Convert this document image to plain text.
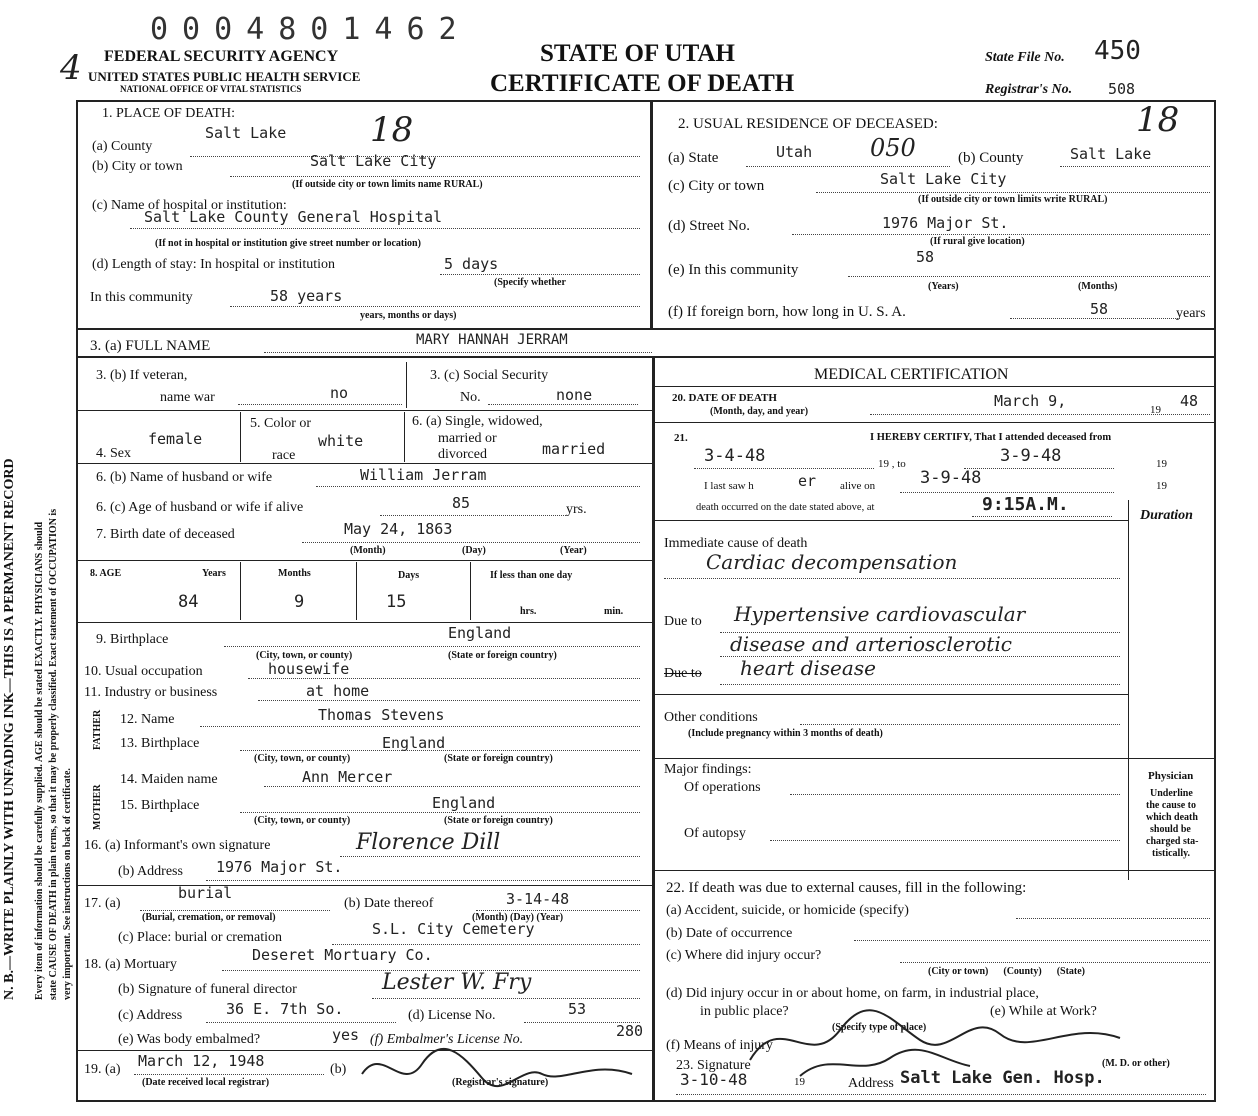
0004801462
4 FEDERAL SECURITY AGENCY
UNITED STATES PUBLIC HEALTH SERVICE
NATIONAL OFFICE OF VITAL STATISTICS
STATE OF UTAH
CERTIFICATE OF DEATH
State File No. 450
Registrar's No. 508
N. B.—WRITE PLAINLY WITH UNFADING INK—THIS IS A PERMANENT RECORD Every item of information should be carefully supplied. AGE should be stated EXACTLY. PHYSICIANS should state CAUSE OF DEATH in plain terms, so that it may be properly classified. Exact statement of OCCUPATION is very important. See instructions on back of certificate.
1. PLACE OF DEATH:
Salt Lake 18
(a) County
(b) City or town	Salt Lake City
(If outside city or town limits name RURAL)
(c) Name of hospital or institution:
Salt Lake County General Hospital
(If not in hospital or institution give street number or location)
(d) Length of stay: In hospital or institution	5 days
(Specify whether
In this community	58 years
years, months or days)
2. USUAL RESIDENCE OF DECEASED:	18
(a) State	Utah 050	(b) County	Salt Lake
(c) City or town	Salt Lake City
(If outside city or town limits write RURAL)
(d) Street No.	1976 Major St.
(If rural give location)
(e) In this community
58
(Years)	(Months)
(f) If foreign born, how long in U. S. A.	58	years
3. (a) FULL NAME	MARY HANNAH JERRAM
3. (b) If veteran,
name war	no
3. (c) Social Security
No.	none
female
4. Sex
5. Color or
white
race
6. (a) Single, widowed,
married or
divorced	married
6. (b) Name of husband or wife	William Jerram
6. (c) Age of husband or wife if alive	85	yrs.
7. Birth date of deceased	May 24, 1863
(Month)	(Day)	(Year)
8. AGE	Years	Months	Days	If less than one day
84	9	15	hrs.	min.
9. Birthplace	England
(City, town, or county)	(State or foreign country)
10. Usual occupation	housewife
11. Industry or business	at home
FATHER 12. Name	Thomas Stevens
13. Birthplace	England
(City, town, or county)	(State or foreign country)
MOTHER
14. Maiden name	Ann Mercer
15. Birthplace	England
(City, town, or county)	(State or foreign country)
16. (a) Informant's own signature	Florence Dill
(b) Address 1976 Major St.
17. (a)
burial
(Burial, cremation, or removal)
(b) Date thereof	3-14-48
(Month) (Day) (Year)
(c) Place: burial or cremation	S.L. City Cemetery
18. (a) Mortuary
Deseret Mortuary Co.
(b) Signature of funeral director	Lester W. Fry
(c) Address	36 E. 7th So.	(d) License No.	53
(e) Was body embalmed?	yes (f) Embalmer's License No.	280
19. (a) March 12, 1948
(Date received local registrar)
(b)
(Registrar's signature)
MEDICAL CERTIFICATION
20. DATE OF DEATH
(Month, day, and year)
March 9,	19 48
21.	I HEREBY CERTIFY, That I attended deceased from
3-4-48	19 , to	3-9-48	19
I last saw h	er alive on	3-9-48	19
death occurred on the date stated above, at	9:15A.M.
Duration
Immediate cause of death
Cardiac decompensation
Due to Hypertensive cardiovascular
disease and arteriosclerotic
Due to heart disease
Other conditions
(Include pregnancy within 3 months of death)
Major findings:
Of operations
Of autopsy
Physician
Underline
the cause to
which death
should be
charged sta-
tistically.
22. If death was due to external causes, fill in the following:
(a) Accident, suicide, or homicide (specify)
(b) Date of occurrence
(c) Where did injury occur?
(City or town)      (County)      (State)
(d) Did injury occur in or about home, on farm, in industrial place,
in public place?
(Specify type of place)
(e) While at Work?
(f) Means of injury
23. Signature	(M. D. or other)
3-10-48	19	Address Salt Lake Gen. Hosp.
